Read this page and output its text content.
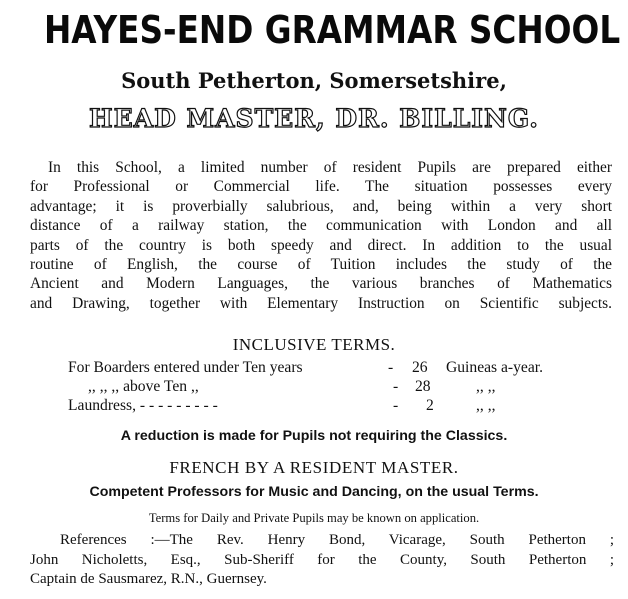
HAYES-END GRAMMAR SCHOOL
South Petherton, Somersetshire,
HEAD MASTER, DR. BILLING.
In this School, a limited number of resident Pupils are prepared either
for Professional or Commercial life. The situation possesses every
advantage; it is proverbially salubrious, and, being within a very short
distance of a railway station, the communication with London and all
parts of the country is both speedy and direct. In addition to the usual
routine of English, the course of Tuition includes the study of the
Ancient and Modern Languages, the various branches of Mathematics
and Drawing, together with Elementary Instruction on Scientific subjects.
INCLUSIVE TERMS.
For Boarders entered under Ten years	- 26 Guineas a-year.
,, ,, ,, above Ten ,,	- 28	,, ,,
Laundress, - - - - - - - - -	- 2	,, ,,
A reduction is made for Pupils not requiring the Classics.
FRENCH BY A RESIDENT MASTER.
Competent Professors for Music and Dancing, on the usual Terms.
Terms for Daily and Private Pupils may be known on application.
References :—The Rev. Henry Bond, Vicarage, South Petherton ;
John Nicholetts, Esq., Sub-Sheriff for the County, South Petherton ;
Captain de Sausmarez, R.N., Guernsey.
